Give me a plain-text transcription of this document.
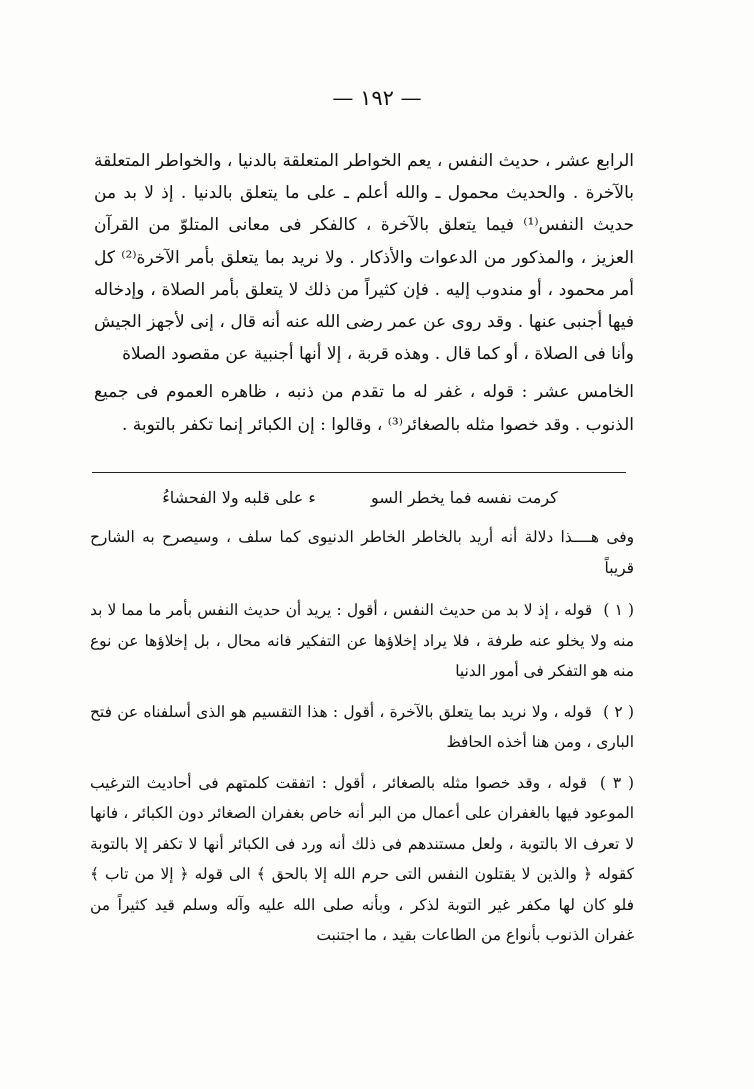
— ١٩٢ —

الرابع عشر ، حديث النفس ، يعم الخواطر المتعلقة بالدنيا ، والخواطر المتعلقة بالآخرة . والحديث محمول ـ والله أعلم ـ على ما يتعلق بالدنيا . إذ لا بد من حديث النفس⁽¹⁾ فيما يتعلق بالآخرة ، كالفكر فى معانى المتلوّ من القرآن العزيز ، والمذكور من الدعوات والأذكار . ولا نريد بما يتعلق بأمر الآخرة⁽²⁾ كل أمر محمود ، أو مندوب إليه . فإن كثيراً من ذلك لا يتعلق بأمر الصلاة ، وإدخاله فيها أجنبى عنها . وقد روى عن عمر رضى الله عنه أنه قال ، إنى لأجهز الجيش وأنا فى الصلاة ، أو كما قال . وهذه قربة ، إلا أنها أجنبية عن مقصود الصلاة

الخامس عشر : قوله ، غفر له ما تقدم من ذنبه ، ظاهره العموم فى جميع الذنوب . وقد خصوا مثله بالصغائر⁽³⁾ ، وقالوا : إن الكبائر إنما تكفر بالتوبة .

كرمت نفسه فما يخطر السو ء على قلبه ولا الفحشاءُ

وفى هــــذا دلالة أنه أريد بالخاطر الخاطر الدنيوى كما سلف ، وسيصرح به الشارح قريباً

( ١ ) قوله ، إذ لا بد من حديث النفس ، أقول : يريد أن حديث النفس بأمر ما مما لا بد منه ولا يخلو عنه طرفة ، فلا يراد إخلاؤها عن التفكير فانه محال ، بل إخلاؤها عن نوع منه هو التفكر فى أمور الدنيا

( ٢ ) قوله ، ولا نريد بما يتعلق بالآخرة ، أقول : هذا التقسيم هو الذى أسلفناه عن فتح البارى ، ومن هنا أخذه الحافظ

( ٣ ) قوله ، وقد خصوا مثله بالصغائر ، أقول : اتفقت كلمتهم فى أحاديث الترغيب الموعود فيها بالغفران على أعمال من البر أنه خاص بغفران الصغائر دون الكبائر ، فانها لا تعرف الا بالتوبة ، ولعل مستندهم فى ذلك أنه ورد فى الكبائر أنها لا تكفر إلا بالتوبة كقوله ﴿ والذين لا يقتلون النفس التى حرم الله إلا بالحق ﴾ الى قوله ﴿ إلا من تاب ﴾ فلو كان لها مكفر غير التوبة لذكر ، وبأنه صلى الله عليه وآله وسلم قيد كثيراً من غفران الذنوب بأنواع من الطاعات بقيد ، ما اجتنبت
